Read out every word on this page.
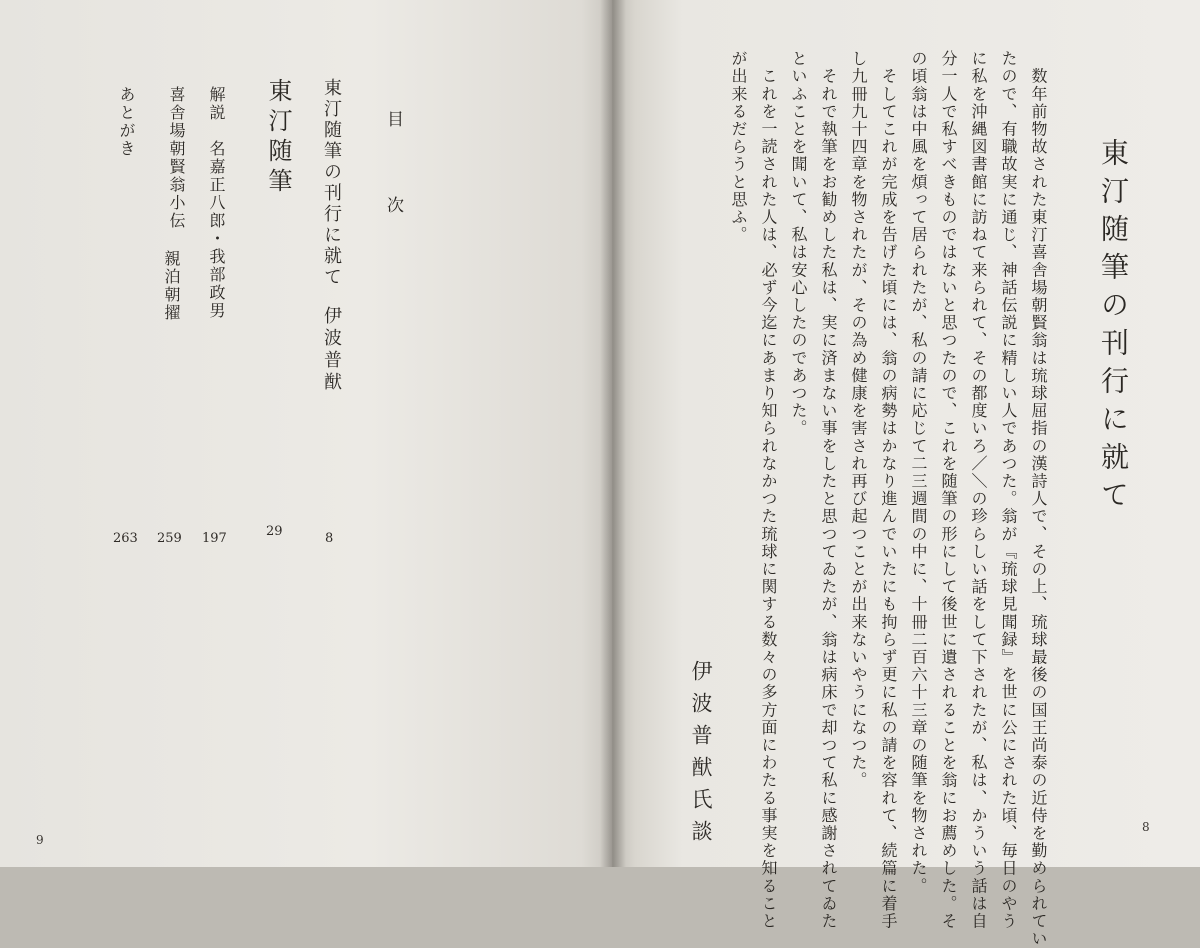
目　次
東汀随筆の刊行に就て
伊波普猷
8
東汀随筆
29
解説　名嘉正八郎・我部政男
197
喜舎場朝賢翁小伝
親泊朝擢
259
あとがき
263
9
東汀随筆の刊行に就て
　数年前物故された東汀喜舎場朝賢翁は琉球屈指の漢詩人で、その上、琉球最後の国王尚泰の近侍を勤められてい
たので、有職故実に通じ、神話伝説に精しい人であつた。翁が『琉球見聞録』を世に公にされた頃、毎日のやう
に私を沖縄図書館に訪ねて来られて、その都度いろ／＼の珍らしい話をして下されたが、私は、かういう話は自
分一人で私すべきものではないと思つたので、これを随筆の形にして後世に遺されることを翁にお薦めした。そ
の頃翁は中風を煩って居られたが、私の請に応じて二三週間の中に、十冊二百六十三章の随筆を物された。
　そしてこれが完成を告げた頃には、翁の病勢はかなり進んでいたにも拘らず更に私の請を容れて、続篇に着手
し九冊九十四章を物されたが、その為め健康を害され再び起つことが出来ないやうになつた。
　それで執筆をお勧めした私は、実に済まない事をしたと思つてゐたが、翁は病床で却つて私に感謝されてゐた
といふことを聞いて、私は安心したのであつた。
　これを一読された人は、必ず今迄にあまり知られなかつた琉球に関する数々の多方面にわたる事実を知ること
が出来るだらうと思ふ。
伊波普猷氏談	8
